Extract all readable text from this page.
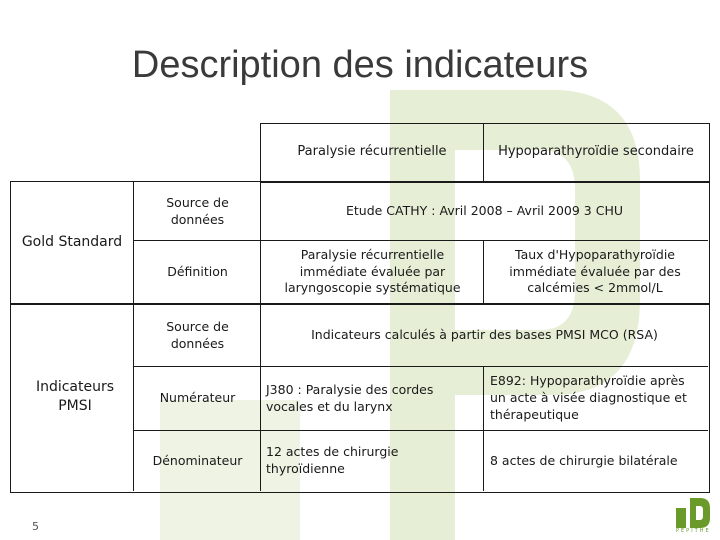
Description des indicateurs
Paralysie récurrentielle	Hypoparathyroïdie secondaire
Gold Standard
Source de données
Etude CATHY : Avril 2008 – Avril 2009 3 CHU
Définition
Paralysie récurrentielle immédiate évaluée par laryngoscopie systématique
Taux d'Hypoparathyroïdie immédiate évaluée par des calcémies < 2mmol/L
Indicateurs PMSI
Source de données
Indicateurs calculés à partir des bases PMSI MCO (RSA)
Numérateur
J380 : Paralysie des cordes vocales et du larynx
E892: Hypoparathyroïdie après un acte à visée diagnostique et thérapeutique
Dénominateur
12 actes de chirurgie thyroïdienne
8 actes de chirurgie bilatérale
5	PEPITHE
